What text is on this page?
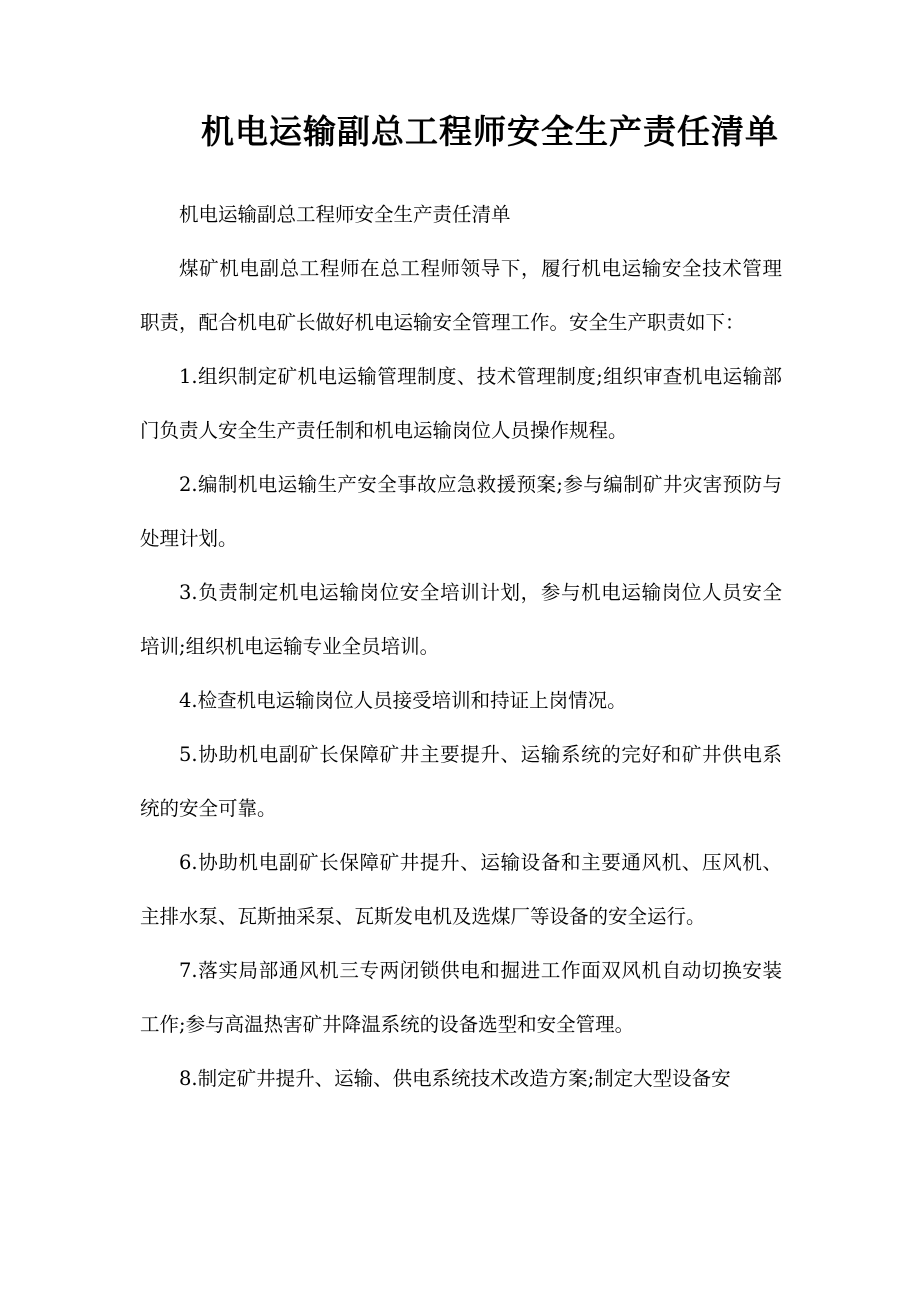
机电运输副总工程师安全生产责任清单

机电运输副总工程师安全生产责任清单

煤矿机电副总工程师在总工程师领导下，履行机电运输安全技术管理职责，配合机电矿长做好机电运输安全管理工作。安全生产职责如下：

1.组织制定矿机电运输管理制度、技术管理制度;组织审查机电运输部门负责人安全生产责任制和机电运输岗位人员操作规程。

2.编制机电运输生产安全事故应急救援预案;参与编制矿井灾害预防与处理计划。

3.负责制定机电运输岗位安全培训计划，参与机电运输岗位人员安全培训;组织机电运输专业全员培训。

4.检查机电运输岗位人员接受培训和持证上岗情况。

5.协助机电副矿长保障矿井主要提升、运输系统的完好和矿井供电系统的安全可靠。

6.协助机电副矿长保障矿井提升、运输设备和主要通风机、压风机、主排水泵、瓦斯抽采泵、瓦斯发电机及选煤厂等设备的安全运行。

7.落实局部通风机三专两闭锁供电和掘进工作面双风机自动切换安装工作;参与高温热害矿井降温系统的设备选型和安全管理。

8.制定矿井提升、运输、供电系统技术改造方案;制定大型设备安
